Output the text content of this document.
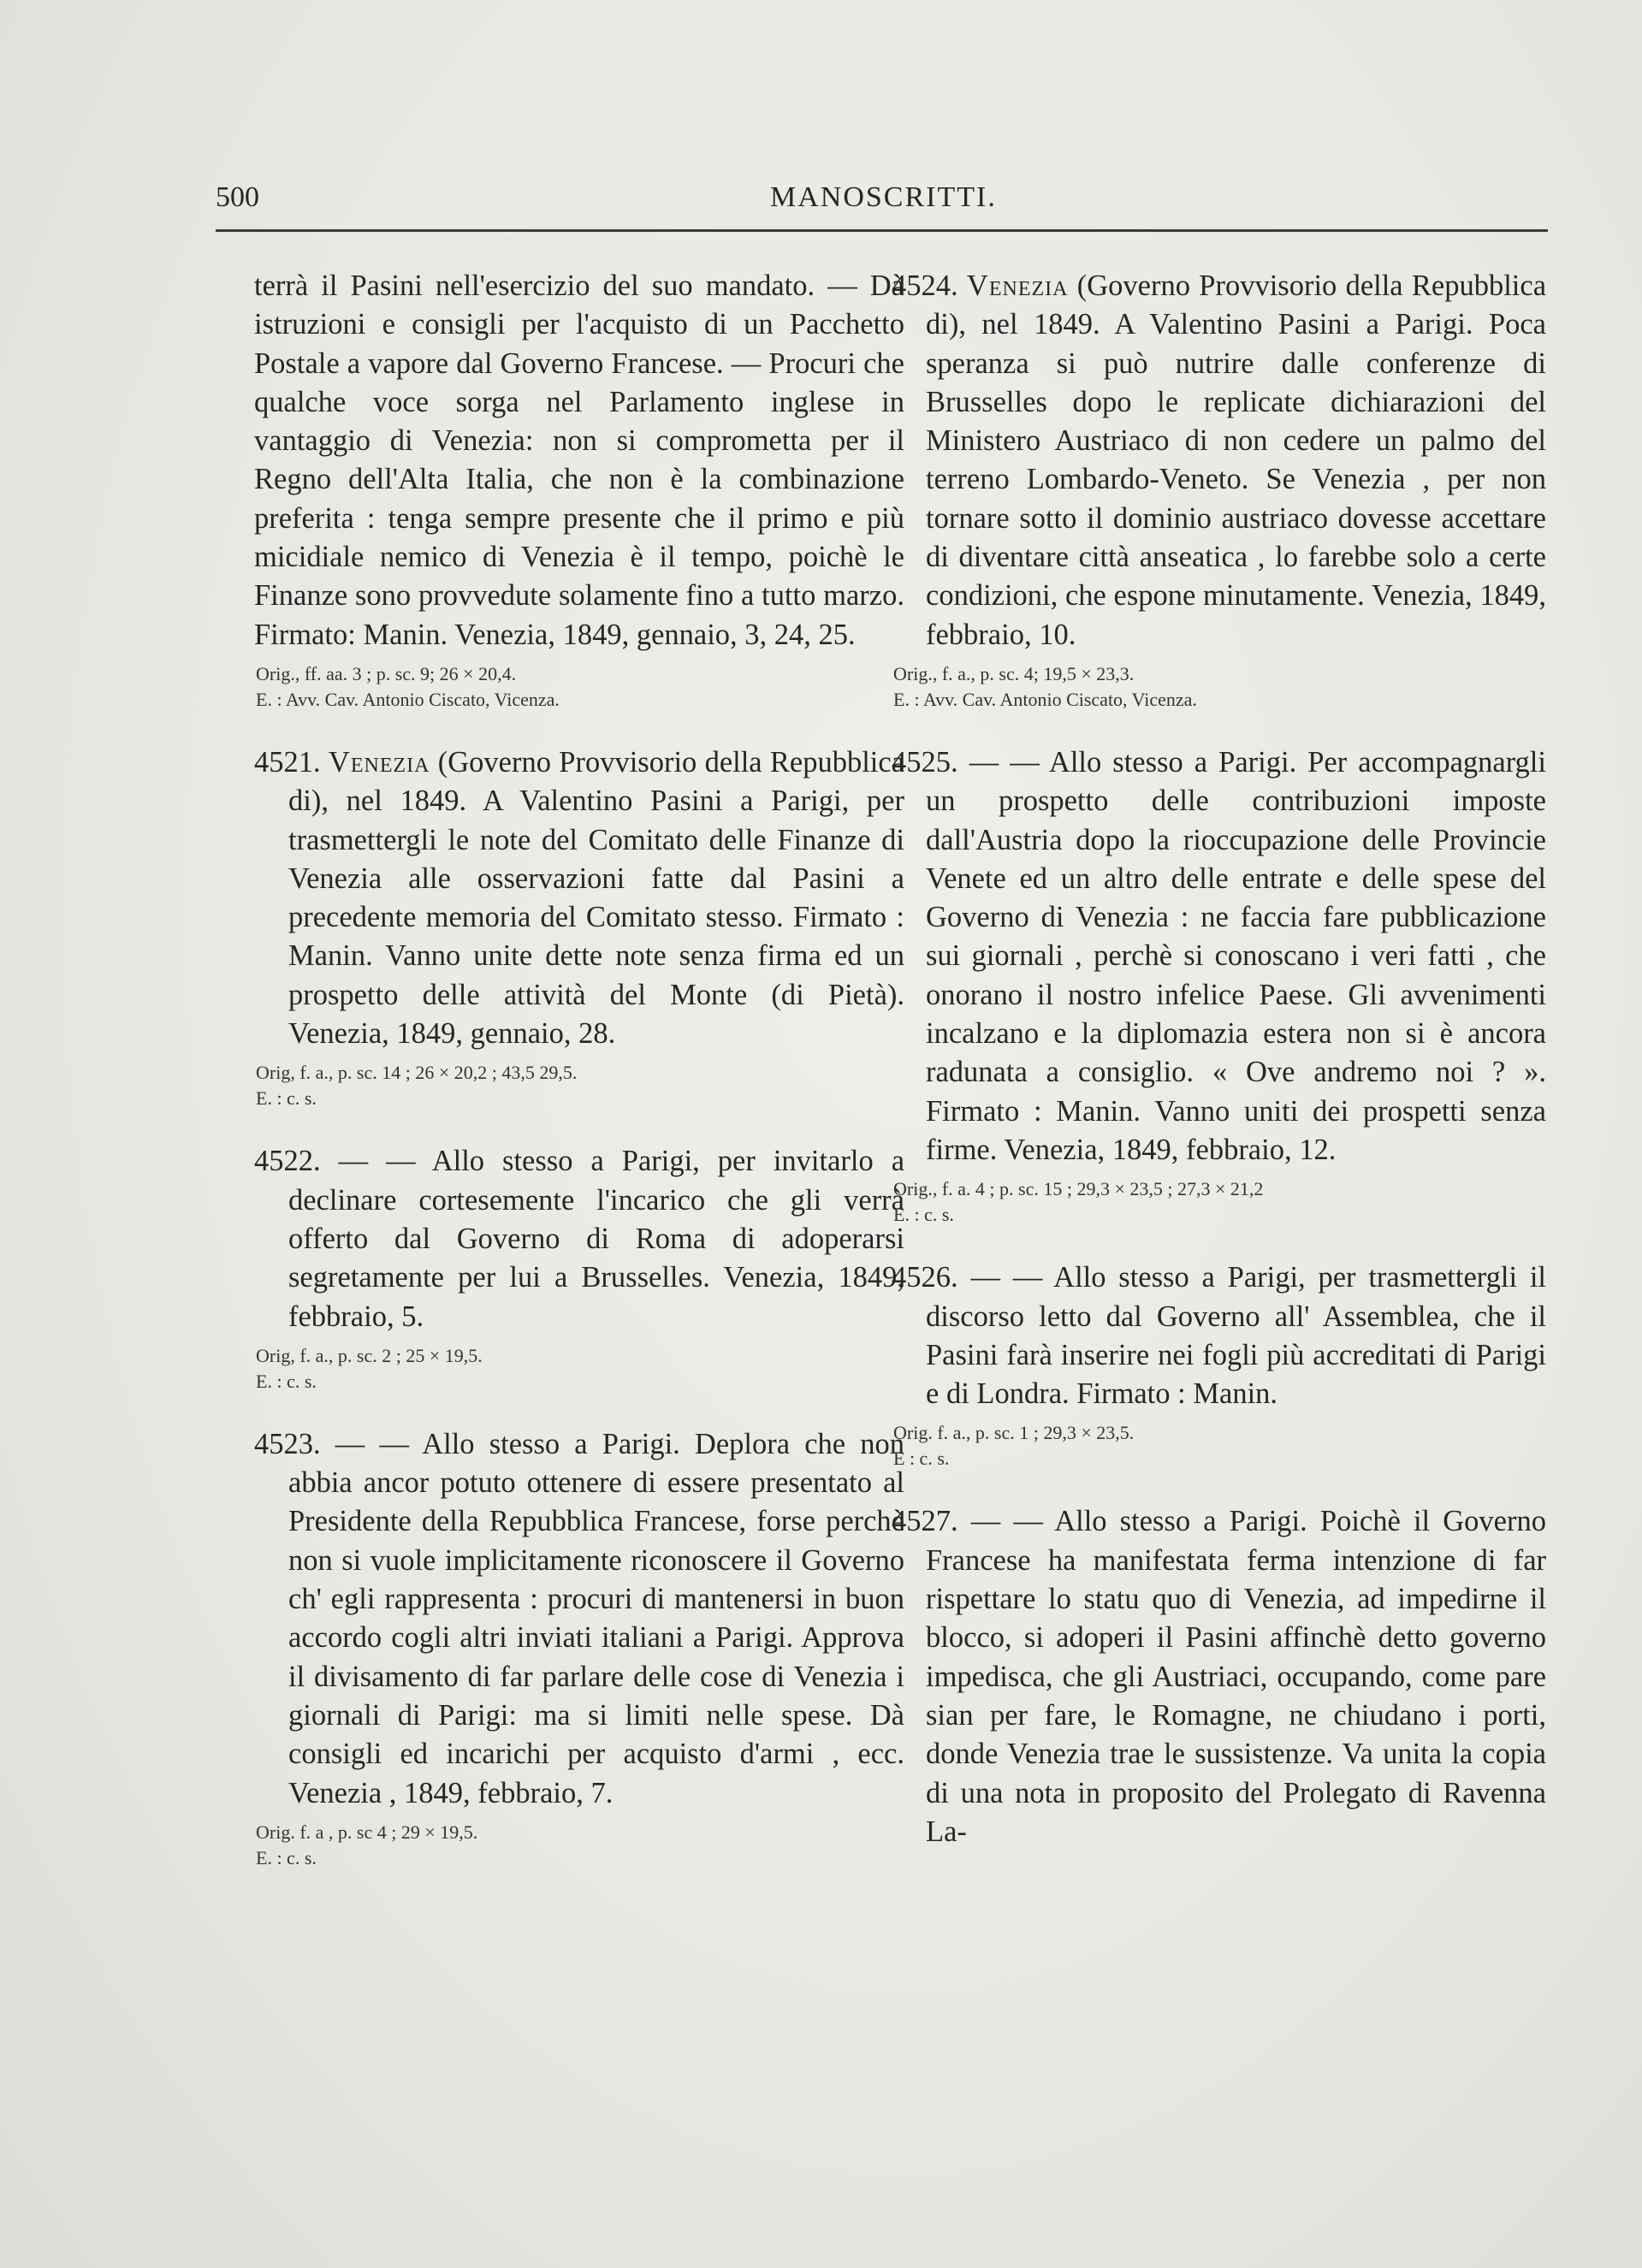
500	MANOSCRITTI.

terrà il Pasini nell'esercizio del suo mandato. — Dà istruzioni e consigli per l'acquisto di un Pacchetto Postale a vapore dal Governo Francese. — Procuri che qualche voce sorga nel Parlamento inglese in vantaggio di Venezia: non si comprometta per il Regno dell'Alta Italia, che non è la combinazione preferita : tenga sempre presente che il primo e più micidiale nemico di Venezia è il tempo, poichè le Finanze sono provvedute solamente fino a tutto marzo. Firmato: Manin. Venezia, 1849, gennaio, 3, 24, 25.

Orig., ff. aa. 3 ; p. sc. 9; 26 × 20,4.
E. : Avv. Cav. Antonio Ciscato, Vicenza.

4521. Venezia (Governo Provvisorio della Repubblica di), nel 1849. A Valentino Pasini a Parigi, per trasmettergli le note del Comitato delle Finanze di Venezia alle osservazioni fatte dal Pasini a precedente memoria del Comitato stesso. Firmato : Manin. Vanno unite dette note senza firma ed un prospetto delle attività del Monte (di Pietà). Venezia, 1849, gennaio, 28.

Orig, f. a., p. sc. 14 ; 26 × 20,2 ; 43,5 29,5.
E. : c. s.

4522. — — Allo stesso a Parigi, per invitarlo a declinare cortesemente l'incarico che gli verrà offerto dal Governo di Roma di adoperarsi segretamente per lui a Brusselles. Venezia, 1849, febbraio, 5.

Orig, f. a., p. sc. 2 ; 25 × 19,5.
E. : c. s.

4523. — — Allo stesso a Parigi. Deplora che non abbia ancor potuto ottenere di essere presentato al Presidente della Repubblica Francese, forse perchè non si vuole implicitamente riconoscere il Governo ch' egli rappresenta : procuri di mantenersi in buon accordo cogli altri inviati italiani a Parigi. Approva il divisamento di far parlare delle cose di Venezia i giornali di Parigi: ma si limiti nelle spese. Dà consigli ed incarichi per acquisto d'armi , ecc. Venezia , 1849, febbraio, 7.

Orig. f. a , p. sc 4 ; 29 × 19,5.
E. : c. s.

4524. Venezia (Governo Provvisorio della Repubblica di), nel 1849. A Valentino Pasini a Parigi. Poca speranza si può nutrire dalle conferenze di Brusselles dopo le replicate dichiarazioni del Ministero Austriaco di non cedere un palmo del terreno Lombardo-Veneto. Se Venezia , per non tornare sotto il dominio austriaco dovesse accettare di diventare città anseatica , lo farebbe solo a certe condizioni, che espone minutamente. Venezia, 1849, febbraio, 10.

Orig., f. a., p. sc. 4; 19,5 × 23,3.
E. : Avv. Cav. Antonio Ciscato, Vicenza.

4525. — — Allo stesso a Parigi. Per accompagnargli un prospetto delle contribuzioni imposte dall'Austria dopo la rioccupazione delle Provincie Venete ed un altro delle entrate e delle spese del Governo di Venezia : ne faccia fare pubblicazione sui giornali , perchè si conoscano i veri fatti , che onorano il nostro infelice Paese. Gli avvenimenti incalzano e la diplomazia estera non si è ancora radunata a consiglio. « Ove andremo noi ? ». Firmato : Manin. Vanno uniti dei prospetti senza firme. Venezia, 1849, febbraio, 12.

Orig., f. a. 4 ; p. sc. 15 ; 29,3 × 23,5 ; 27,3 × 21,2
E. : c. s.

4526. — — Allo stesso a Parigi, per trasmettergli il discorso letto dal Governo all' Assemblea, che il Pasini farà inserire nei fogli più accreditati di Parigi e di Londra. Firmato : Manin.

Orig. f. a., p. sc. 1 ; 29,3 × 23,5.
E : c. s.

4527. — — Allo stesso a Parigi. Poichè il Governo Francese ha manifestata ferma intenzione di far rispettare lo statu quo di Venezia, ad impedirne il blocco, si adoperi il Pasini affinchè detto governo impedisca, che gli Austriaci, occupando, come pare sian per fare, le Romagne, ne chiudano i porti, donde Venezia trae le sussistenze. Va unita la copia di una nota in proposito del Prolegato di Ravenna La-
